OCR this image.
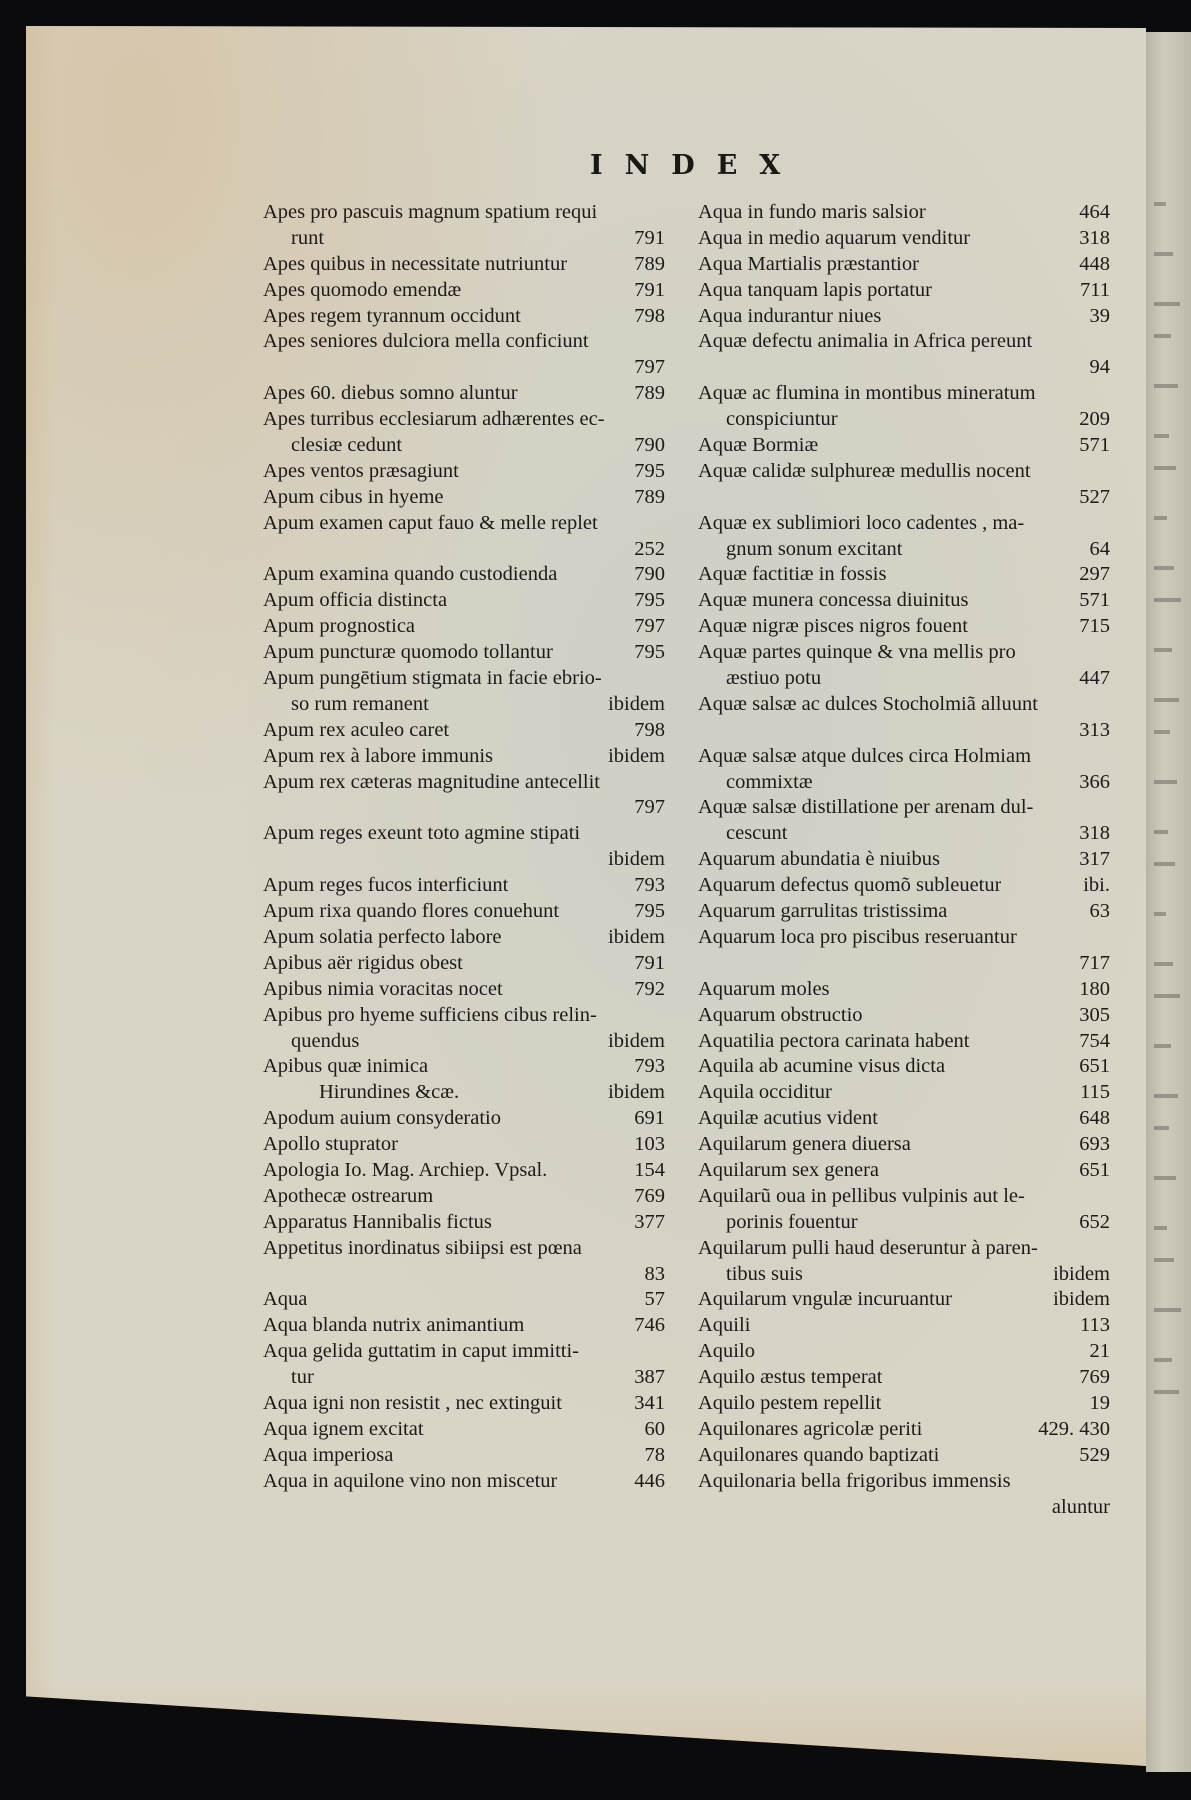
INDEX
Apes pro pascuis magnum spatium requi
runt	791
Apes quibus in necessitate nutriuntur	789
Apes quomodo emendæ	791
Apes regem tyrannum occidunt	798
Apes seniores dulciora mella conficiunt
797
Apes 60. diebus somno aluntur	789
Apes turribus ecclesiarum adhærentes ec-
clesiæ cedunt	790
Apes ventos præsagiunt	795
Apum cibus in hyeme	789
Apum examen caput fauo & melle replet
252
Apum examina quando custodienda	790
Apum officia distincta	795
Apum prognostica	797
Apum puncturæ quomodo tollantur	795
Apum pungētium stigmata in facie ebrio-
so rum remanent	ibidem
Apum rex aculeo caret	798
Apum rex à labore immunis	ibidem
Apum rex cæteras magnitudine antecellit
797
Apum reges exeunt toto agmine stipati
ibidem
Apum reges fucos interficiunt	793
Apum rixa quando flores conuehunt	795
Apum solatia perfecto labore	ibidem
Apibus aër rigidus obest	791
Apibus nimia voracitas nocet	792
Apibus pro hyeme sufficiens cibus relin-
quendus	ibidem
Apibus quæ inimica	793
Hirundines &cæ.	ibidem
Apodum auium consyderatio	691
Apollo stuprator	103
Apologia Io. Mag. Archiep. Vpsal.	154
Apothecæ ostrearum	769
Apparatus Hannibalis fictus	377
Appetitus inordinatus sibiipsi est pœna
83
Aqua	57
Aqua blanda nutrix animantium	746
Aqua gelida guttatim in caput immitti-
tur	387
Aqua igni non resistit , nec extinguit	341
Aqua ignem excitat	60
Aqua imperiosa	78
Aqua in aquilone vino non miscetur	446
Aqua in fundo maris salsior	464
Aqua in medio aquarum venditur	318
Aqua Martialis præstantior	448
Aqua tanquam lapis portatur	711
Aqua indurantur niues	39
Aquæ defectu animalia in Africa pereunt
94
Aquæ ac flumina in montibus mineratum
conspiciuntur	209
Aquæ Bormiæ	571
Aquæ calidæ sulphureæ medullis nocent
527
Aquæ ex sublimiori loco cadentes , ma-
gnum sonum excitant	64
Aquæ factitiæ in fossis	297
Aquæ munera concessa diuinitus	571
Aquæ nigræ pisces nigros fouent	715
Aquæ partes quinque & vna mellis pro
æstiuo potu	447
Aquæ salsæ ac dulces Stocholmiã alluunt
313
Aquæ salsæ atque dulces circa Holmiam
commixtæ	366
Aquæ salsæ distillatione per arenam dul-
cescunt	318
Aquarum abundatia è niuibus	317
Aquarum defectus quomõ subleuetur	ibi.
Aquarum garrulitas tristissima	63
Aquarum loca pro piscibus reseruantur
717
Aquarum moles	180
Aquarum obstructio	305
Aquatilia pectora carinata habent	754
Aquila ab acumine visus dicta	651
Aquila occiditur	115
Aquilæ acutius vident	648
Aquilarum genera diuersa	693
Aquilarum sex genera	651
Aquilarũ oua in pellibus vulpinis aut le-
porinis fouentur	652
Aquilarum pulli haud deseruntur à paren-
tibus suis	ibidem
Aquilarum vngulæ incuruantur	ibidem
Aquili	113
Aquilo	21
Aquilo æstus temperat	769
Aquilo pestem repellit	19
Aquilonares agricolæ periti	429. 430
Aquilonares quando baptizati	529
Aquilonaria bella frigoribus immensis
aluntur
